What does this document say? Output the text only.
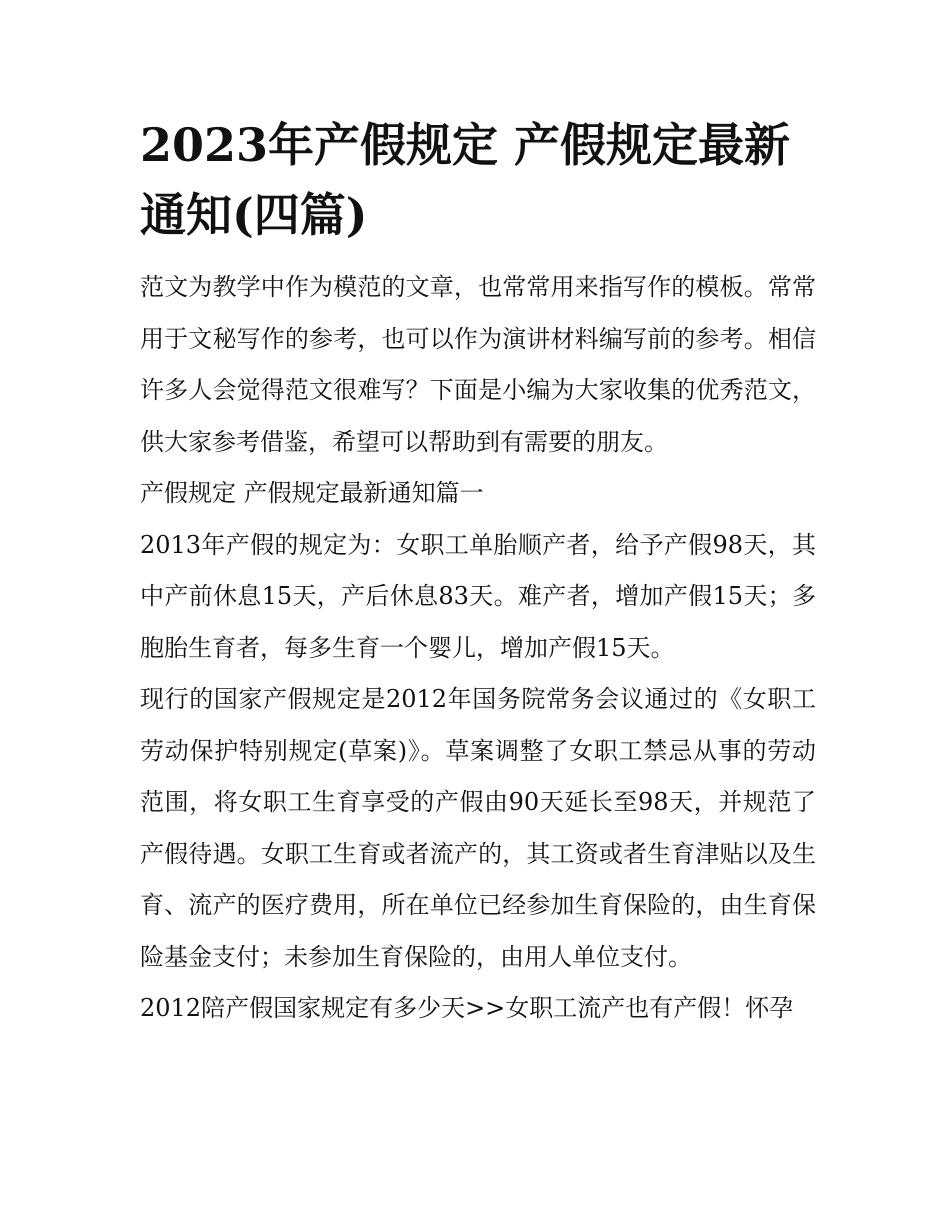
2023年产假规定 产假规定最新通知(四篇)

范文为教学中作为模范的文章，也常常用来指写作的模板。常常用于文秘写作的参考，也可以作为演讲材料编写前的参考。相信许多人会觉得范文很难写？下面是小编为大家收集的优秀范文，供大家参考借鉴，希望可以帮助到有需要的朋友。

产假规定 产假规定最新通知篇一

2013年产假的规定为：女职工单胎顺产者，给予产假98天，其中产前休息15天，产后休息83天。难产者，增加产假15天；多胞胎生育者，每多生育一个婴儿，增加产假15天。

现行的国家产假规定是2012年国务院常务会议通过的《女职工劳动保护特别规定(草案)》。草案调整了女职工禁忌从事的劳动范围，将女职工生育享受的产假由90天延长至98天，并规范了产假待遇。女职工生育或者流产的，其工资或者生育津贴以及生育、流产的医疗费用，所在单位已经参加生育保险的，由生育保险基金支付；未参加生育保险的，由用人单位支付。

2012陪产假国家规定有多少天>>女职工流产也有产假！怀孕
